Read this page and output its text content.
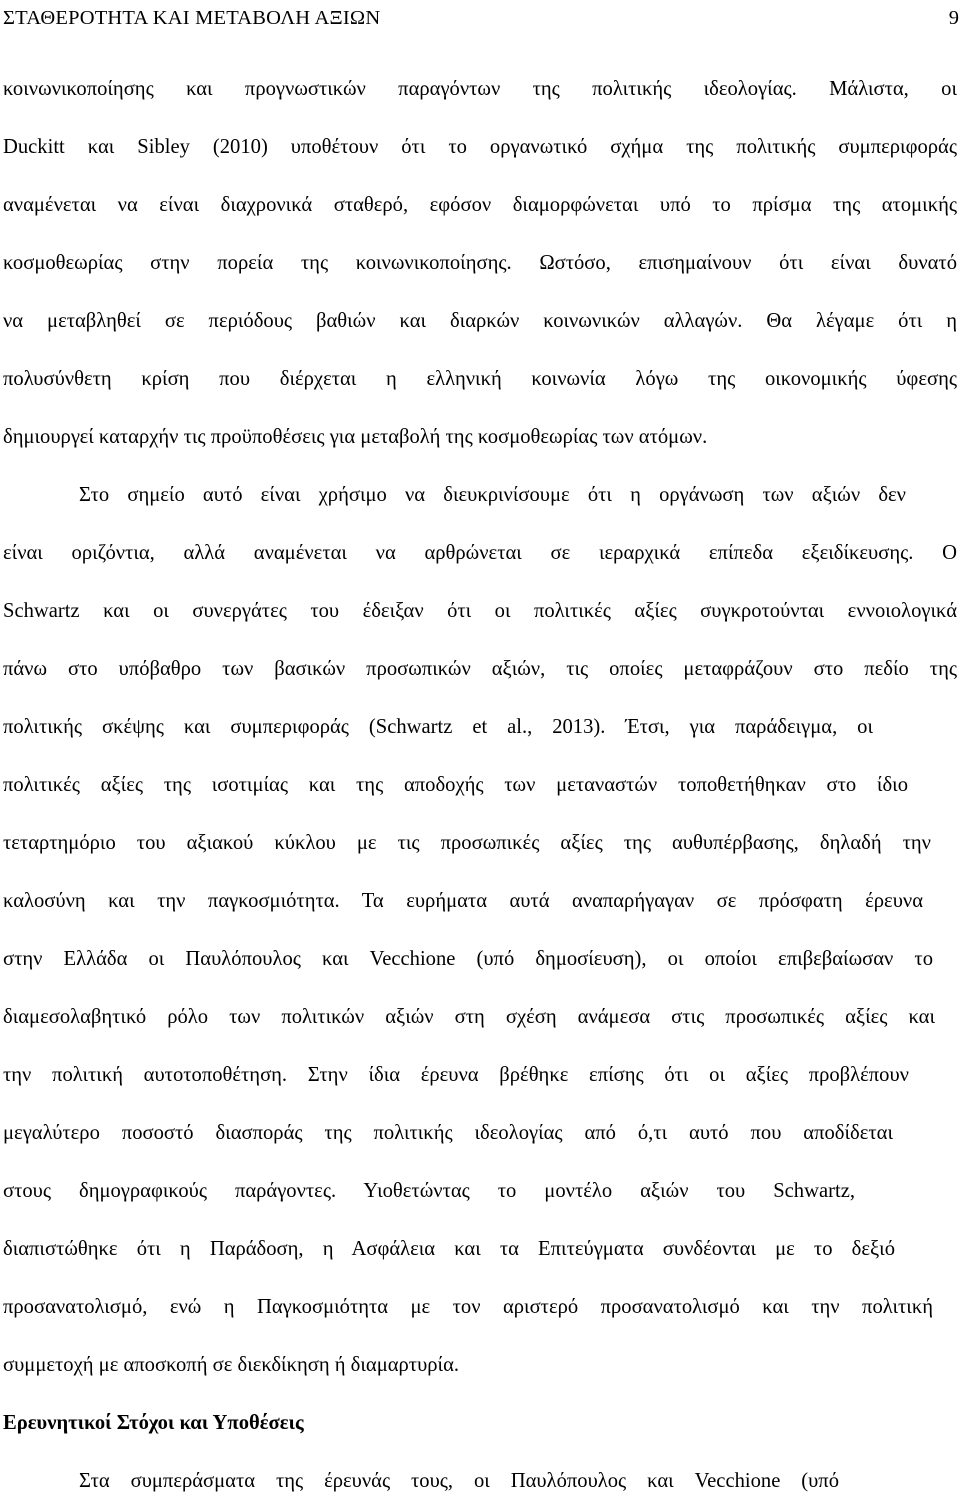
ΣΤΑΘΕΡΟΤΗΤΑ ΚΑΙ ΜΕΤΑΒΟΛΗ ΑΞΙΩΝ	9
κοινωνικοποίησης και προγνωστικών παραγόντων της πολιτικής ιδεολογίας. Μάλιστα, οι
Duckitt και Sibley (2010) υποθέτουν ότι το οργανωτικό σχήμα της πολιτικής συμπεριφοράς
αναμένεται να είναι διαχρονικά σταθερό, εφόσον διαμορφώνεται υπό το πρίσμα της ατομικής
κοσμοθεωρίας στην πορεία της κοινωνικοποίησης. Ωστόσο, επισημαίνουν ότι είναι δυνατό
να μεταβληθεί σε περιόδους βαθιών και διαρκών κοινωνικών αλλαγών. Θα λέγαμε ότι η
πολυσύνθετη κρίση που διέρχεται η ελληνική κοινωνία λόγω της οικονομικής ύφεσης
δημιουργεί καταρχήν τις προϋποθέσεις για μεταβολή της κοσμοθεωρίας των ατόμων.
Στο σημείο αυτό είναι χρήσιμο να διευκρινίσουμε ότι η οργάνωση των αξιών δεν
είναι οριζόντια, αλλά αναμένεται να αρθρώνεται σε ιεραρχικά επίπεδα εξειδίκευσης. Ο
Schwartz και οι συνεργάτες του έδειξαν ότι οι πολιτικές αξίες συγκροτούνται εννοιολογικά
πάνω στο υπόβαθρο των βασικών προσωπικών αξιών, τις οποίες μεταφράζουν στο πεδίο της
πολιτικής σκέψης και συμπεριφοράς (Schwartz et al., 2013). Έτσι, για παράδειγμα, οι
πολιτικές αξίες της ισοτιμίας και της αποδοχής των μεταναστών τοποθετήθηκαν στο ίδιο
τεταρτημόριο του αξιακού κύκλου με τις προσωπικές αξίες της αυθυπέρβασης, δηλαδή την
καλοσύνη και την παγκοσμιότητα. Τα ευρήματα αυτά αναπαρήγαγαν σε πρόσφατη έρευνα
στην Ελλάδα οι Παυλόπουλος και Vecchione (υπό δημοσίευση), οι οποίοι επιβεβαίωσαν το
διαμεσολαβητικό ρόλο των πολιτικών αξιών στη σχέση ανάμεσα στις προσωπικές αξίες και
την πολιτική αυτοτοποθέτηση. Στην ίδια έρευνα βρέθηκε επίσης ότι οι αξίες προβλέπουν
μεγαλύτερο ποσοστό διασποράς της πολιτικής ιδεολογίας από ό,τι αυτό που αποδίδεται
στους δημογραφικούς παράγοντες. Υιοθετώντας το μοντέλο αξιών του Schwartz,
διαπιστώθηκε ότι η Παράδοση, η Ασφάλεια και τα Επιτεύγματα συνδέονται με το δεξιό
προσανατολισμό, ενώ η Παγκοσμιότητα με τον αριστερό προσανατολισμό και την πολιτική
συμμετοχή με αποσκοπή σε διεκδίκηση ή διαμαρτυρία.
Ερευνητικοί Στόχοι και Υποθέσεις
Στα συμπεράσματα της έρευνάς τους, οι Παυλόπουλος και Vecchione (υπό
